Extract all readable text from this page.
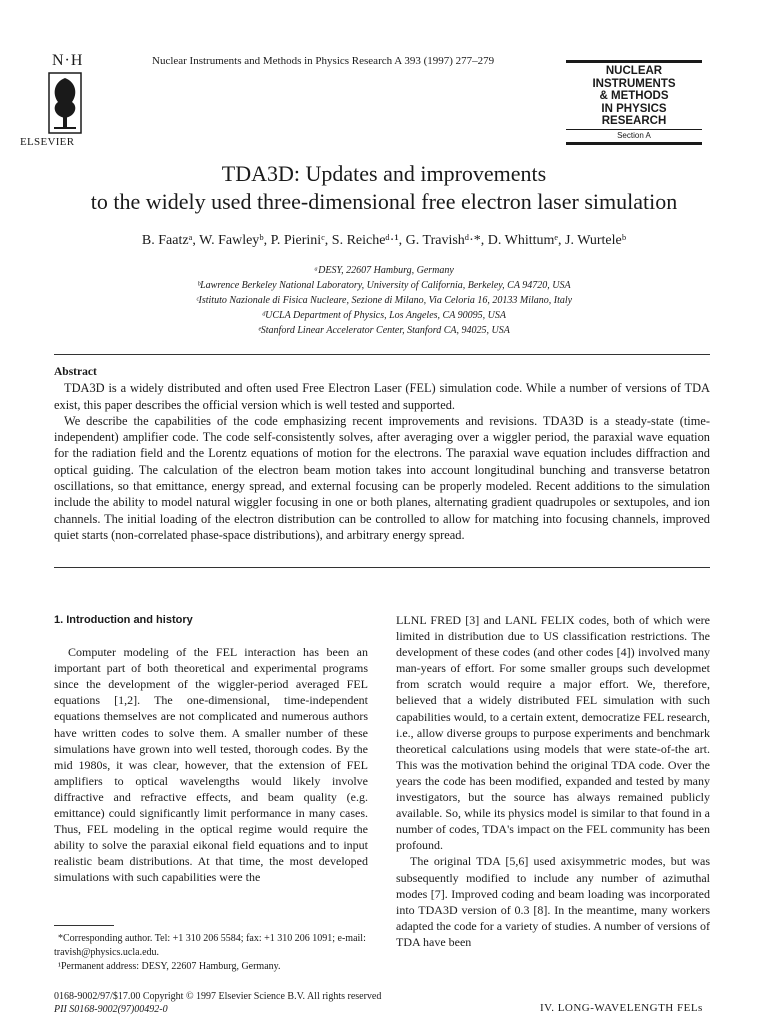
N·H
ELSEVIER
Nuclear Instruments and Methods in Physics Research A 393 (1997) 277–279
NUCLEAR
INSTRUMENTS
& METHODS
IN PHYSICS
RESEARCH
Section A
TDA3D: Updates and improvements
to the widely used three-dimensional free electron laser simulation
B. Faatzᵃ, W. Fawleyᵇ, P. Pieriniᶜ, S. Reicheᵈ·¹, G. Travishᵈ·*, D. Whittumᵉ, J. Wurteleᵇ
ᵃDESY, 22607 Hamburg, Germany
ᵇLawrence Berkeley National Laboratory, University of California, Berkeley, CA 94720, USA
ᶜIstituto Nazionale di Fisica Nucleare, Sezione di Milano, Via Celoria 16, 20133 Milano, Italy
ᵈUCLA Department of Physics, Los Angeles, CA 90095, USA
ᵉStanford Linear Accelerator Center, Stanford CA, 94025, USA
Abstract

TDA3D is a widely distributed and often used Free Electron Laser (FEL) simulation code. While a number of versions of TDA exist, this paper describes the official version which is well tested and supported.

We describe the capabilities of the code emphasizing recent improvements and revisions. TDA3D is a steady-state (time-independent) amplifier code. The code self-consistently solves, after averaging over a wiggler period, the paraxial wave equation for the radiation field and the Lorentz equations of motion for the electrons. The paraxial wave equation includes diffraction and optical guiding. The calculation of the electron beam motion takes into account longitudinal bunching and transverse betatron oscillations, so that emittance, energy spread, and external focusing can be properly modeled. Recent additions to the simulation include the ability to model natural wiggler focusing in one or both planes, alternating gradient quadrupoles or sextupoles, and ion channels. The initial loading of the electron distribution can be controlled to allow for matching into focusing channels, improved quiet starts (non-correlated phase-space distributions), and arbitrary energy spread.

1. Introduction and history

Computer modeling of the FEL interaction has been an important part of both theoretical and experimental programs since the development of the wiggler-period averaged FEL equations [1,2]. The one-dimensional, time-independent equations themselves are not complicated and numerous authors have written codes to solve them. A smaller number of these simulations have grown into well tested, thorough codes. By the mid 1980s, it was clear, however, that the extension of FEL amplifiers to optical wavelengths would likely involve diffractive and refractive effects, and beam quality (e.g. emittance) could significantly limit performance in many cases. Thus, FEL modeling in the optical regime would require the ability to solve the paraxial eikonal field equations and to input realistic beam distributions. At that time, the most developed simulations with such capabilities were the

LLNL FRED [3] and LANL FELIX codes, both of which were limited in distribution due to US classification restrictions. The development of these codes (and other codes [4]) involved many man-years of effort. For some smaller groups such developmet from scratch would require a major effort. We, therefore, believed that a widely distributed FEL simulation with such capabilities would, to a certain extent, democratize FEL research, i.e., allow diverse groups to purpose experiments and benchmark theoretical calculations using models that were state-of-the art. This was the motivation behind the original TDA code. Over the years the code has been modified, expanded and tested by many investigators, but the source has always remained publicly available. So, while its physics model is similar to that found in a number of codes, TDA's impact on the FEL community has been profound.

The original TDA [5,6] used axisymmetric modes, but was subsequently modified to include any number of azimuthal modes [7]. Improved coding and beam loading was incorporated into TDA3D version of 0.3 [8]. In the meantime, many workers adapted the code for a variety of studies. A number of versions of TDA have been

*Corresponding author. Tel: +1 310 206 5584; fax: +1 310 206 1091; e-mail: travish@physics.ucla.edu.
¹Permanent address: DESY, 22607 Hamburg, Germany.
0168-9002/97/$17.00 Copyright © 1997 Elsevier Science B.V. All rights reserved
PII S0168-9002(97)00492-0	IV. LONG-WAVELENGTH FELs
